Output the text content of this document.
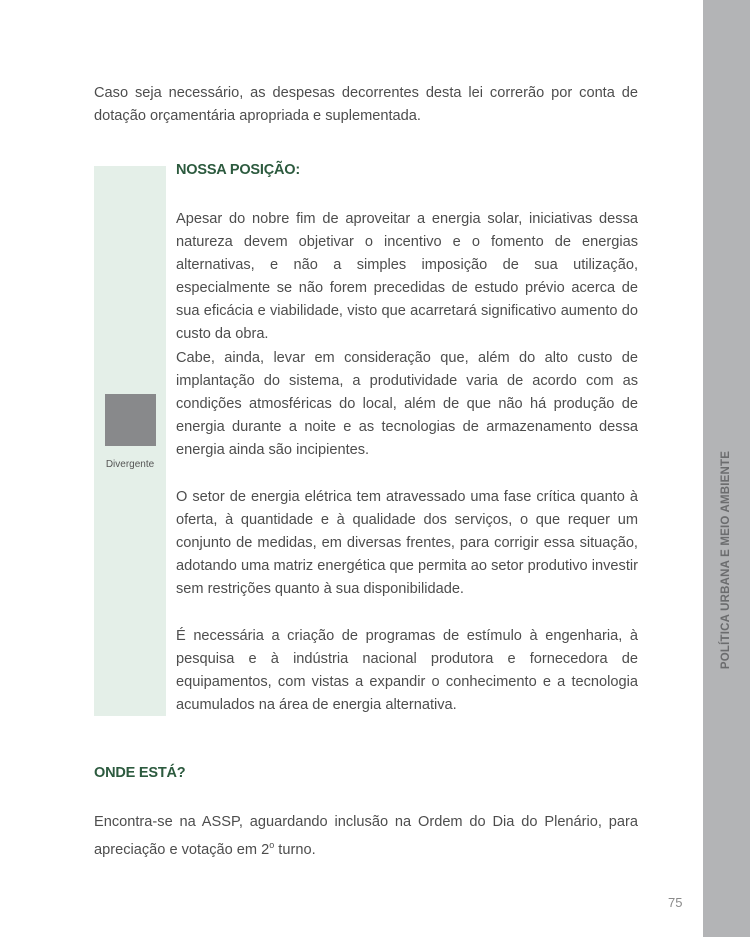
POLÍTICA URBANA E MEIO AMBIENTE

Caso seja necessário, as despesas decorrentes desta lei correrão por conta de dotação orçamentária apropriada e suplementada.

Divergente
NOSSA POSIÇÃO:

Apesar do nobre fim de aproveitar a energia solar, iniciativas dessa natureza devem objetivar o incentivo e o fomento de energias alternativas, e não a simples imposição de sua utilização, especialmente se não forem precedidas de estudo prévio acerca de sua eficácia e viabilidade, visto que acarretará significativo aumento do custo da obra.

Cabe, ainda, levar em consideração que, além do alto custo de implantação do sistema, a produtividade varia de acordo com as condições atmosféricas do local, além de que não há produção de energia durante a noite e as tecnologias de armazenamento dessa energia ainda são incipientes.

O setor de energia elétrica tem atravessado uma fase crítica quanto à oferta, à quantidade e à qualidade dos serviços, o que requer um conjunto de medidas, em diversas frentes, para corrigir essa situação, adotando uma matriz energética que permita ao setor produtivo investir sem restrições quanto à sua disponibilidade.

É necessária a criação de programas de estímulo à engenharia, à pesquisa e à indústria nacional produtora e fornecedora de equipamentos, com vistas a expandir o conhecimento e a tecnologia acumulados na área de energia alternativa.

ONDE ESTÁ?

Encontra-se na ASSP, aguardando inclusão na Ordem do Dia do Plenário, para apreciação e votação em 2$^o$ turno.

75
